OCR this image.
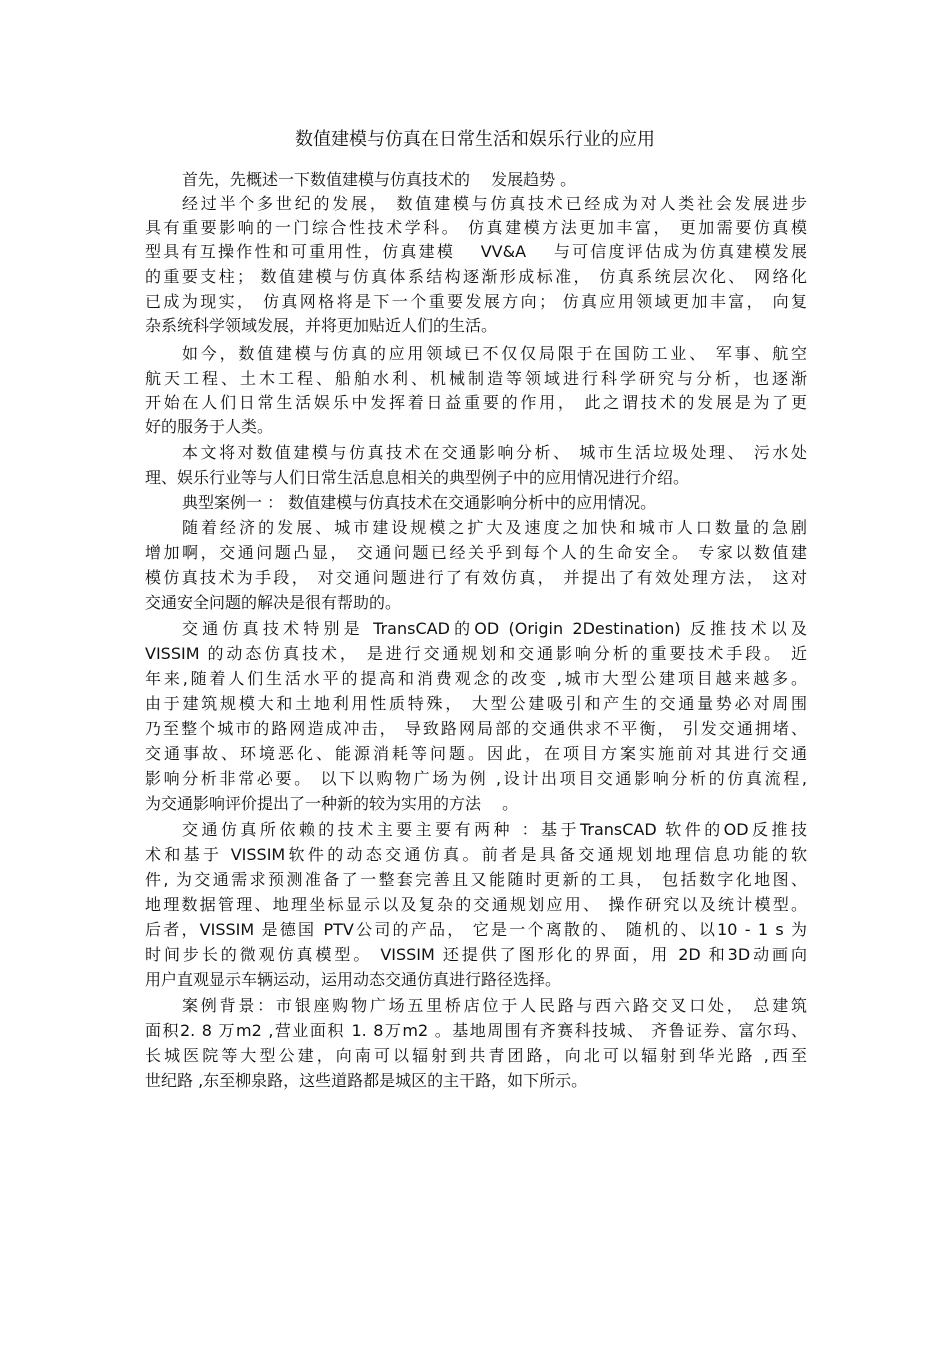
数值建模与仿真在日常生活和娱乐行业的应用
首先，先概述一下数值建模与仿真技术的　 发展趋势 。
经过半个多世纪的发展， 数值建模与仿真技术已经成为对人类社会发展进步
具有重要影响的一门综合性技术学科。 仿真建模方法更加丰富， 更加需要仿真模
型具有互操作性和可重用性，仿真建模　 VV&A　 与可信度评估成为仿真建模发展
的重要支柱； 数值建模与仿真体系结构逐渐形成标准， 仿真系统层次化、 网络化
已成为现实， 仿真网格将是下一个重要发展方向； 仿真应用领域更加丰富， 向复
杂系统科学领域发展，并将更加贴近人们的生活。
如今，数值建模与仿真的应用领域已不仅仅局限于在国防工业、 军事、航空
航天工程、土木工程、船舶水利、机械制造等领域进行科学研究与分析，也逐渐
开始在人们日常生活娱乐中发挥着日益重要的作用， 此之谓技术的发展是为了更
好的服务于人类。
本文将对数值建模与仿真技术在交通影响分析、 城市生活垃圾处理、 污水处
理、娱乐行业等与人们日常生活息息相关的典型例子中的应用情况进行介绍。
典型案例一 ： 数值建模与仿真技术在交通影响分析中的应用情况。
随着经济的发展、城市建设规模之扩大及速度之加快和城市人口数量的急剧
增加啊，交通问题凸显， 交通问题已经关乎到每个人的生命安全。 专家以数值建
模仿真技术为手段， 对交通问题进行了有效仿真， 并提出了有效处理方法， 这对
交通安全问题的解决是很有帮助的。
交通仿真技术特别是 TransCAD的OD (Origin 2Destination) 反推技术以及
VISSIM 的动态仿真技术， 是进行交通规划和交通影响分析的重要技术手段。 近
年来,随着人们生活水平的提高和消费观念的改变 ,城市大型公建项目越来越多。
由于建筑规模大和土地利用性质特殊， 大型公建吸引和产生的交通量势必对周围
乃至整个城市的路网造成冲击， 导致路网局部的交通供求不平衡， 引发交通拥堵、
交通事故、环境恶化、能源消耗等问题。因此，在项目方案实施前对其进行交通
影响分析非常必要。 以下以购物广场为例 ,设计出项目交通影响分析的仿真流程,
为交通影响评价提出了一种新的较为实用的方法　 。
交通仿真所依赖的技术主要主要有两种 ：基于TransCAD 软件的OD反推技
术和基于 VISSIM软件的动态交通仿真。前者是具备交通规划地理信息功能的软
件, 为交通需求预测准备了一整套完善且又能随时更新的工具， 包括数字化地图、
地理数据管理、地理坐标显示以及复杂的交通规划应用、 操作研究以及统计模型。
后者，VISSIM 是德国 PTV公司的产品， 它是一个离散的、 随机的、以10 - 1 s 为
时间步长的微观仿真模型。 VISSIM 还提供了图形化的界面，用 2D 和3D动画向
用户直观显示车辆运动，运用动态交通仿真进行路径选择。
案例背景：市银座购物广场五里桥店位于人民路与西六路交叉口处， 总建筑
面积2. 8 万m2 ,营业面积 1. 8万m2 。基地周围有齐赛科技城、 齐鲁证券、富尔玛、
长城医院等大型公建，向南可以辐射到共青团路，向北可以辐射到华光路 ,西至
世纪路 ,东至柳泉路，这些道路都是城区的主干路，如下所示。
